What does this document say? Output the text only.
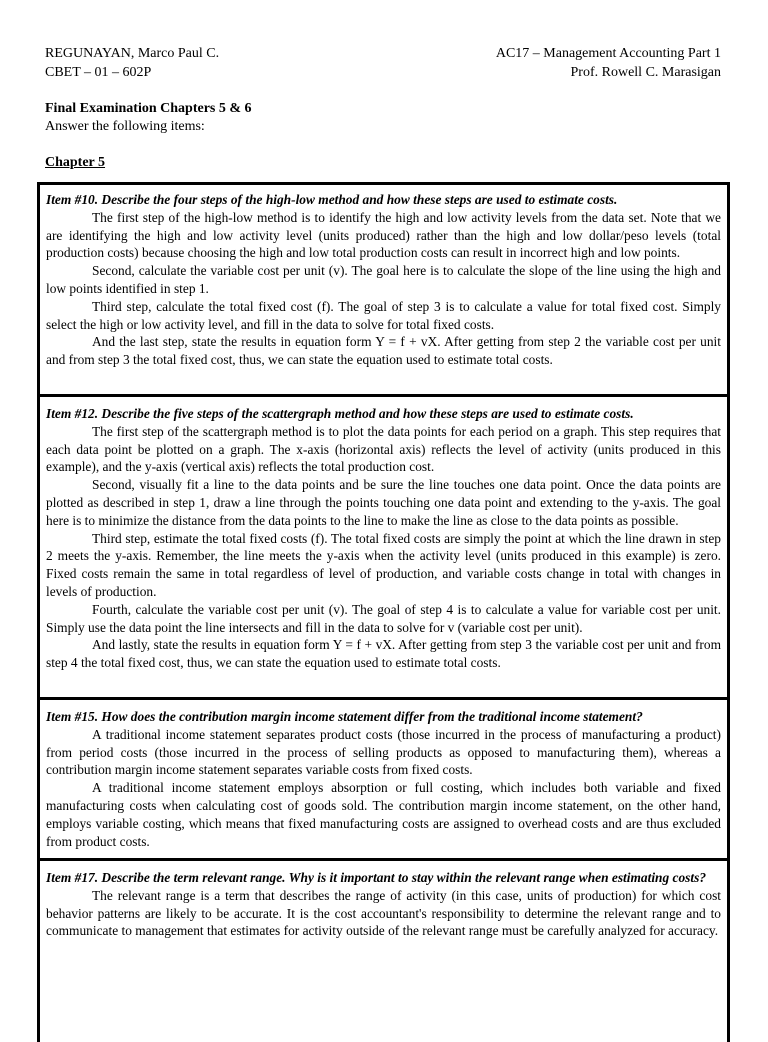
REGUNAYAN, Marco Paul C.
CBET – 01 – 602P
AC17 – Management Accounting Part 1
Prof. Rowell C. Marasigan
Final Examination Chapters 5 & 6
Answer the following items:
Chapter 5
Item #10. Describe the four steps of the high-low method and how these steps are used to estimate costs.

The first step of the high-low method is to identify the high and low activity levels from the data set. Note that we are identifying the high and low activity level (units produced) rather than the high and low dollar/peso levels (total production costs) because choosing the high and low total production costs can result in incorrect high and low points.

Second, calculate the variable cost per unit (v). The goal here is to calculate the slope of the line using the high and low points identified in step 1.

Third step, calculate the total fixed cost (f). The goal of step 3 is to calculate a value for total fixed cost. Simply select the high or low activity level, and fill in the data to solve for total fixed costs.

And the last step, state the results in equation form Y = f + vX. After getting from step 2 the variable cost per unit and from step 3 the total fixed cost, thus, we can state the equation used to estimate total costs.

Item #12. Describe the five steps of the scattergraph method and how these steps are used to estimate costs.

The first step of the scattergraph method is to plot the data points for each period on a graph. This step requires that each data point be plotted on a graph. The x-axis (horizontal axis) reflects the level of activity (units produced in this example), and the y-axis (vertical axis) reflects the total production cost.

Second, visually fit a line to the data points and be sure the line touches one data point. Once the data points are plotted as described in step 1, draw a line through the points touching one data point and extending to the y-axis. The goal here is to minimize the distance from the data points to the line to make the line as close to the data points as possible.

Third step, estimate the total fixed costs (f). The total fixed costs are simply the point at which the line drawn in step 2 meets the y-axis. Remember, the line meets the y-axis when the activity level (units produced in this example) is zero. Fixed costs remain the same in total regardless of level of production, and variable costs change in total with changes in levels of production.

Fourth, calculate the variable cost per unit (v). The goal of step 4 is to calculate a value for variable cost per unit. Simply use the data point the line intersects and fill in the data to solve for v (variable cost per unit).

And lastly, state the results in equation form Y = f + vX. After getting from step 3 the variable cost per unit and from step 4 the total fixed cost, thus, we can state the equation used to estimate total costs.

Item #15. How does the contribution margin income statement differ from the traditional income statement?

A traditional income statement separates product costs (those incurred in the process of manufacturing a product) from period costs (those incurred in the process of selling products as opposed to manufacturing them), whereas a contribution margin income statement separates variable costs from fixed costs.

A traditional income statement employs absorption or full costing, which includes both variable and fixed manufacturing costs when calculating cost of goods sold. The contribution margin income statement, on the other hand, employs variable costing, which means that fixed manufacturing costs are assigned to overhead costs and are thus excluded from product costs.

Item #17. Describe the term relevant range. Why is it important to stay within the relevant range when estimating costs?

The relevant range is a term that describes the range of activity (in this case, units of production) for which cost behavior patterns are likely to be accurate. It is the cost accountant's responsibility to determine the relevant range and to communicate to management that estimates for activity outside of the relevant range must be carefully analyzed for accuracy.
